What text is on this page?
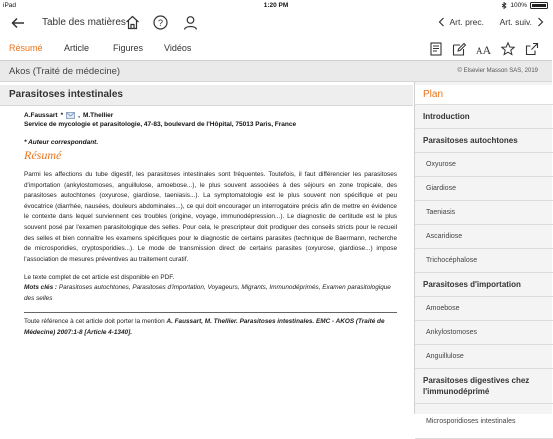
iPad	1:20 PM	100%
Table des matières	?	Art. prec. Art. suiv.
Résumé Article	Figures Vidéos	A A
Akos (Traité de médecine)	© Elsevier Masson SAS, 2019
Parasitoses intestinales
A.Faussart * , M.Thellier
Service de mycologie et parasitologie, 47-83, boulevard de l'Hôpital, 75013 Paris, France
* Auteur correspondant.
Résumé

Parmi les affections du tube digestif, les parasitoses intestinales sont fréquentes. Toutefois, il faut différencier les parasitoses d'importation (ankylostomoses, anguillulose, amoebose...), le plus souvent associées à des séjours en zone tropicale, des parasitoses autochtones (oxyurose, giardiose, taeniasis...). La symptomatologie est le plus souvent non spécifique et peu évocatrice (diarrhée, nausées, douleurs abdominales...), ce qui doit encourager un interrogatoire précis afin de mettre en évidence le contexte dans lequel surviennent ces troubles (origine, voyage, immunodépression...). Le diagnostic de certitude est le plus souvent posé par l'examen parasitologique des selles. Pour cela, le prescripteur doit prodiguer des conseils stricts pour le recueil des selles et bien connaître les examens spécifiques pour le diagnostic de certains parasites (technique de Baermann, recherche de microsporidies, cryptosporidies...). Le mode de transmission direct de certains parasites (oxyurose, giardiose...) impose l'association de mesures préventives au traitement curatif.

Le texte complet de cet article est disponible en PDF.

Mots clés : Parasitoses autochtones, Parasitoses d'importation, Voyageurs, Migrants, Immunodéprimés, Examen parasitologique des selles

Toute référence à cet article doit porter la mention A. Faussart, M. Thellier. Parasitoses intestinales. EMC - AKOS (Traité de Médecine) 2007:1-8 [Article 4-1340].

Plan
Introduction
Parasitoses autochtones
Oxyurose
Giardiose
Taeniasis
Ascaridiose
Trichocéphalose
Parasitoses d'importation
Amoebose
Ankylostomoses
Anguillulose
Parasitoses digestives chez l'immunodéprimé
Microsporidioses intestinales
